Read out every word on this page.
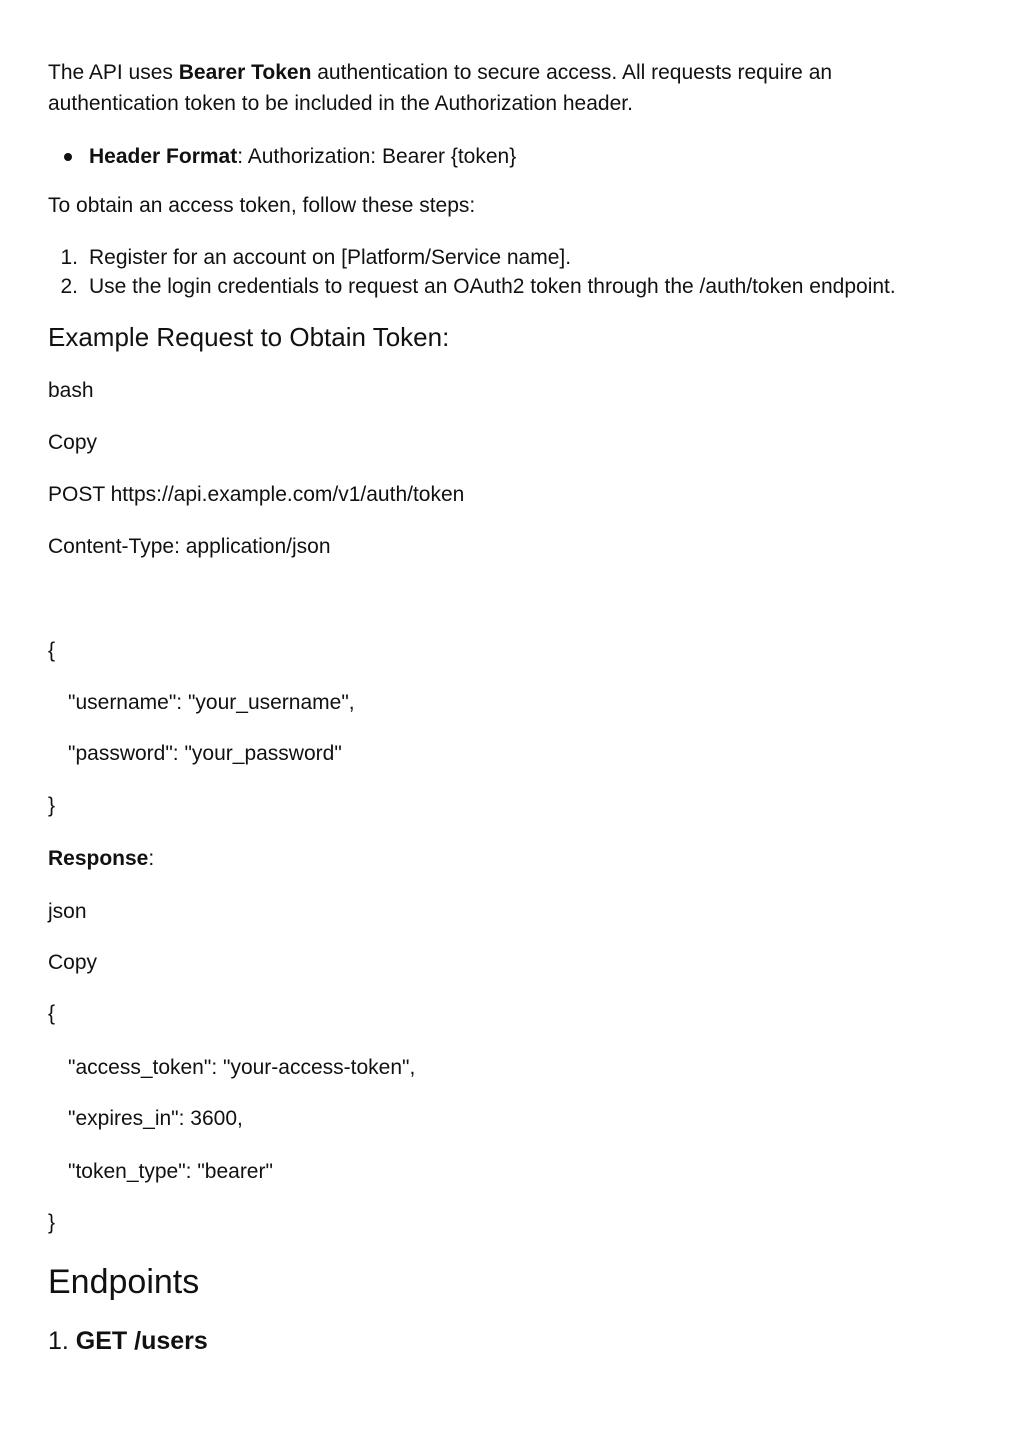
The API uses Bearer Token authentication to secure access. All requests require an authentication token to be included in the Authorization header.
Header Format: Authorization: Bearer {token}
To obtain an access token, follow these steps:
1. Register for an account on [Platform/Service name].
2. Use the login credentials to request an OAuth2 token through the /auth/token endpoint.
Example Request to Obtain Token:
bash
Copy
POST https://api.example.com/v1/auth/token
Content-Type: application/json
{
"username": "your_username",
"password": "your_password"
}
Response:
json
Copy
{
"access_token": "your-access-token",
"expires_in": 3600,
"token_type": "bearer"
}
Endpoints
1. GET /users
